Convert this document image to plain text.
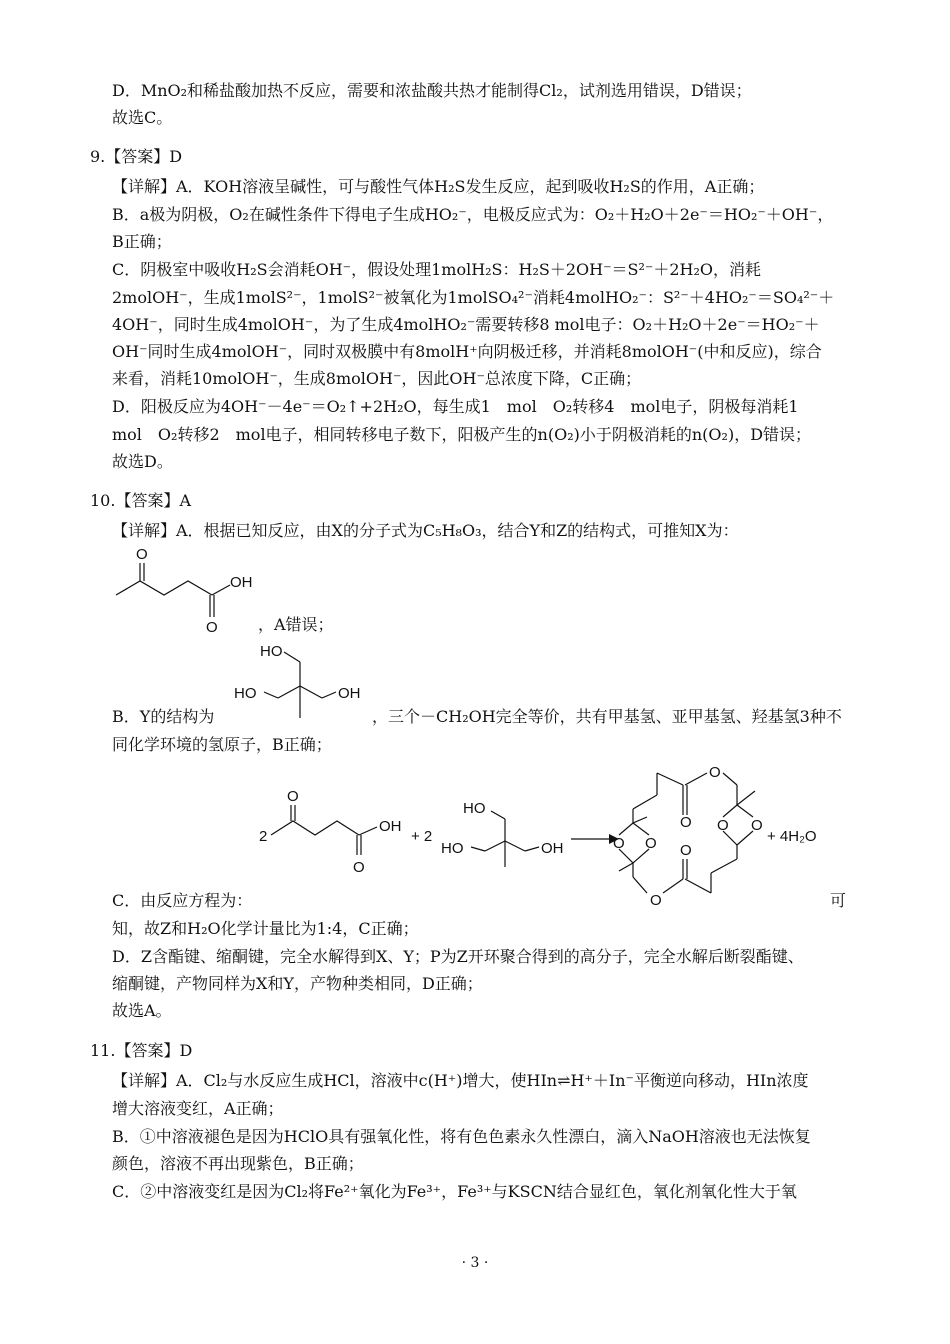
D．MnO₂和稀盐酸加热不反应，需要和浓盐酸共热才能制得Cl₂，试剂选用错误，D错误；
故选C。
9.【答案】D
【详解】A．KOH溶液呈碱性，可与酸性气体H₂S发生反应，起到吸收H₂S的作用，A正确；
B．a极为阴极，O₂在碱性条件下得电子生成HO₂⁻，电极反应式为：O₂＋H₂O＋2e⁻＝HO₂⁻＋OH⁻，
B正确；
C．阴极室中吸收H₂S会消耗OH⁻，假设处理1molH₂S：H₂S＋2OH⁻＝S²⁻＋2H₂O，消耗
2molOH⁻，生成1molS²⁻，1molS²⁻被氧化为1molSO₄²⁻消耗4molHO₂⁻：S²⁻＋4HO₂⁻＝SO₄²⁻＋
4OH⁻，同时生成4molOH⁻，为了生成4molHO₂⁻需要转移8 mol电子：O₂＋H₂O＋2e⁻＝HO₂⁻＋
OH⁻同时生成4molOH⁻，同时双极膜中有8molH⁺向阴极迁移，并消耗8molOH⁻(中和反应)，综合
来看，消耗10molOH⁻，生成8molOH⁻，因此OH⁻总浓度下降，C正确；
D．阳极反应为4OH⁻－4e⁻＝O₂↑+2H₂O，每生成1　mol　O₂转移4　mol电子，阴极每消耗1
mol　O₂转移2　mol电子，相同转移电子数下，阳极产生的n(O₂)小于阴极消耗的n(O₂)，D错误；
故选D。
10.【答案】A
【详解】A．根据已知反应，由X的分子式为C₅H₈O₃，结合Y和Z的结构式，可推知X为：
O
OH
O	，A错误；
HO
HO	OH
B．Y的结构为	，三个－CH₂OH完全等价，共有甲基氢、亚甲基氢、羟基氢3种不
同化学环境的氢原子，B正确；
2
O
OH
O
+ 2
HO
HO	OH	O O
O
O O O
O
O
+ 4H₂O
C．由反应方程为：	可
知，故Z和H₂O化学计量比为1:4，C正确；
D．Z含酯键、缩酮键，完全水解得到X、Y；P为Z开环聚合得到的高分子，完全水解后断裂酯键、
缩酮键，产物同样为X和Y，产物种类相同，D正确；
故选A。
11.【答案】D
【详解】A．Cl₂与水反应生成HCl，溶液中c(H⁺)增大，使HIn⇌H⁺＋In⁻平衡逆向移动，HIn浓度
增大溶液变红，A正确；
B．①中溶液褪色是因为HClO具有强氧化性，将有色色素永久性漂白，滴入NaOH溶液也无法恢复
颜色，溶液不再出现紫色，B正确；
C．②中溶液变红是因为Cl₂将Fe²⁺氧化为Fe³⁺，Fe³⁺与KSCN结合显红色，氧化剂氧化性大于氧
· 3 ·
